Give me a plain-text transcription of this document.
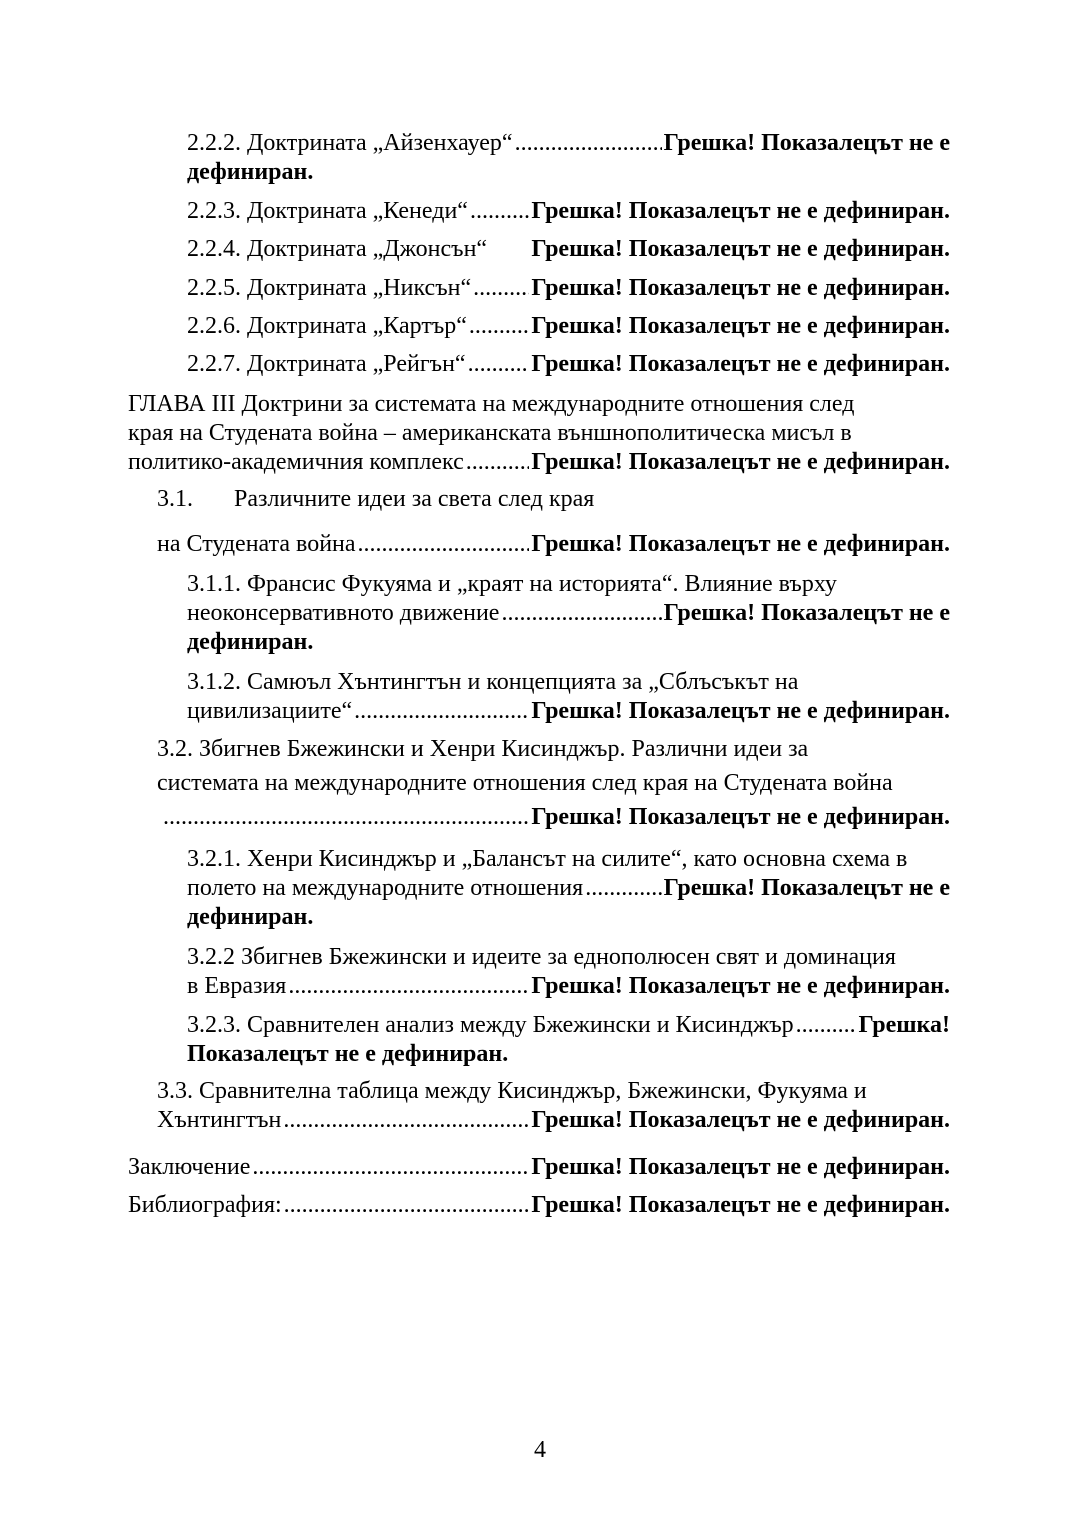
2.2.2. Доктрината „Айзенхауер“ .....	Грешка!
Показалецът не е
дефиниран.
2.2.3. Доктрината „Кенеди“ .....	Грешка! Показалецът не е дефиниран.
2.2.4. Доктрината „Джонсън“ Грешка! Показалецът не е дефиниран.
2.2.5. Доктрината „Никсън“ .....	Грешка! Показалецът не е дефиниран.
2.2.6. Доктрината „Картър“ .....	Грешка! Показалецът не е дефиниран.
2.2.7. Доктрината „Рейгън“ .....	Грешка! Показалецът не е дефиниран.
ГЛАВА III Доктрини за системата на международните отношения след
края на Студената война – американската външнополитическа мисъл в
политико-академичния комплекс .....	Грешка! Показалецът не е дефиниран.
3.1. Различните идеи за света след края
на Студената война .....	Грешка! Показалецът не е дефиниран.
3.1.1. Франсис Фукуяма и „краят на историята“. Влияние върху
неоконсервативното движение .....	Грешка!
Показалецът не е
дефиниран.
3.1.2. Самюъл Хънтингтън и концепцията за „Сблъсъкът на
цивилизациите“ .....	Грешка! Показалецът не е дефиниран.
3.2. Збигнев Бжежински и Хенри Кисинджър. Различни идеи за
системата на международните отношения след края на Студената война
.....
Грешка! Показалецът не е дефиниран.
3.2.1. Хенри Кисинджър и „Балансът на силите“, като основна схема в
полето на международните отношения .....	Грешка!
Показалецът не е
дефиниран.
3.2.2 Збигнев Бжежински и идеите за еднополюсен свят и доминация
в Евразия .....	Грешка! Показалецът не е дефиниран.
3.2.3. Сравнителен анализ между Бжежински и Кисинджър .....	Грешка!
Показалецът не е дефиниран.
3.3. Сравнителна таблица между Кисинджър, Бжежински, Фукуяма и
Хънтингтън .....	Грешка! Показалецът не е дефиниран.
Заключение .....	Грешка! Показалецът не е дефиниран.
Библиография: .....	Грешка! Показалецът не е дефиниран.
4
